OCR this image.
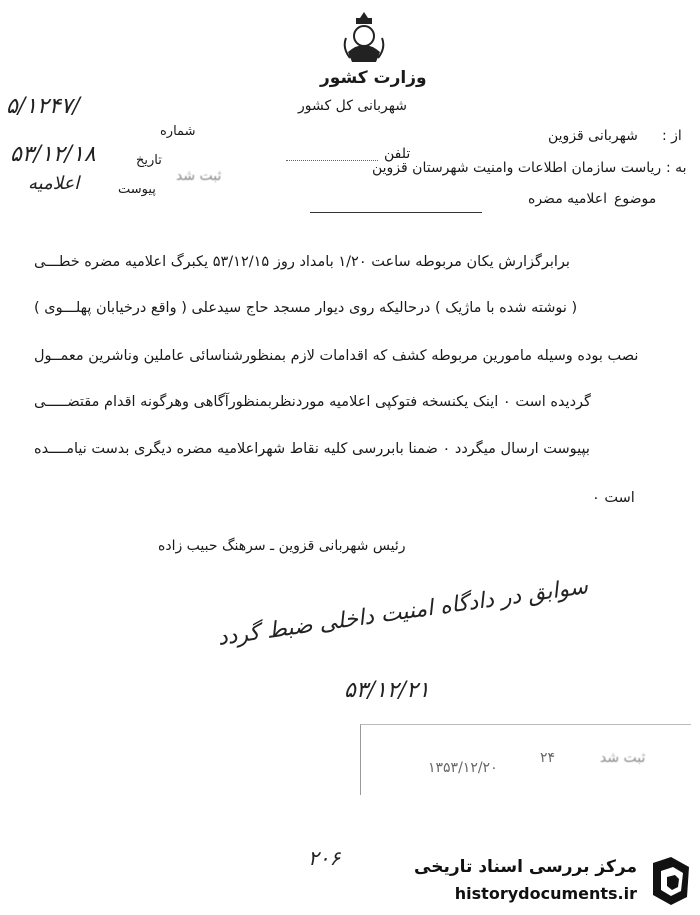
وزارت کشور
شهربانی کل کشور
شماره
۵/۱۲۴۷/
تاریخ
۵۳/۱۲/۱۸
پیوست
اعلامیه
از :
شهربانی قزوین
تلفن
به :
ریاست سازمان اطلاعات وامنیت شهرستان قزوین
ثبت شد
موضوع
اعلامیه مضره
برابرگزارش یکان مربوطه ساعت ۱/۲۰ بامداد روز ۵۳/۱۲/۱۵ یکبرگ اعلامیه مضره خطـــی
( نوشته شده با ماژیک ) درحالیکه روی دیوار مسجد حاج سیدعلی ( واقع درخیابان پهلـــوی )
نصب بوده وسیله مامورین مربوطه کشف که اقدامات لازم بمنظورشناسائی عاملین وناشرین معمــول
گردیده است ۰ اینک یکنسخه فتوکپی اعلامیه موردنظربمنظورآگاهی وهرگونه اقدام مقتضـــــی
بپیوست ارسال میگردد ۰ ضمنا بابررسی کلیه نقاط شهراعلامیه مضره دیگری بدست نیامــــده
است ۰
رئیس شهربانی قزوین ـ سرهنگ حبیب زاده
سوابق در دادگاه امنیت داخلی ضبط گردد
۵۳/۱۲/۲۱
ثبت شد
۲۴
۱۳۵۳/۱۲/۲۰
۲۰۶	مرکز بررسی اسناد تاریخی
historydocuments.ir
